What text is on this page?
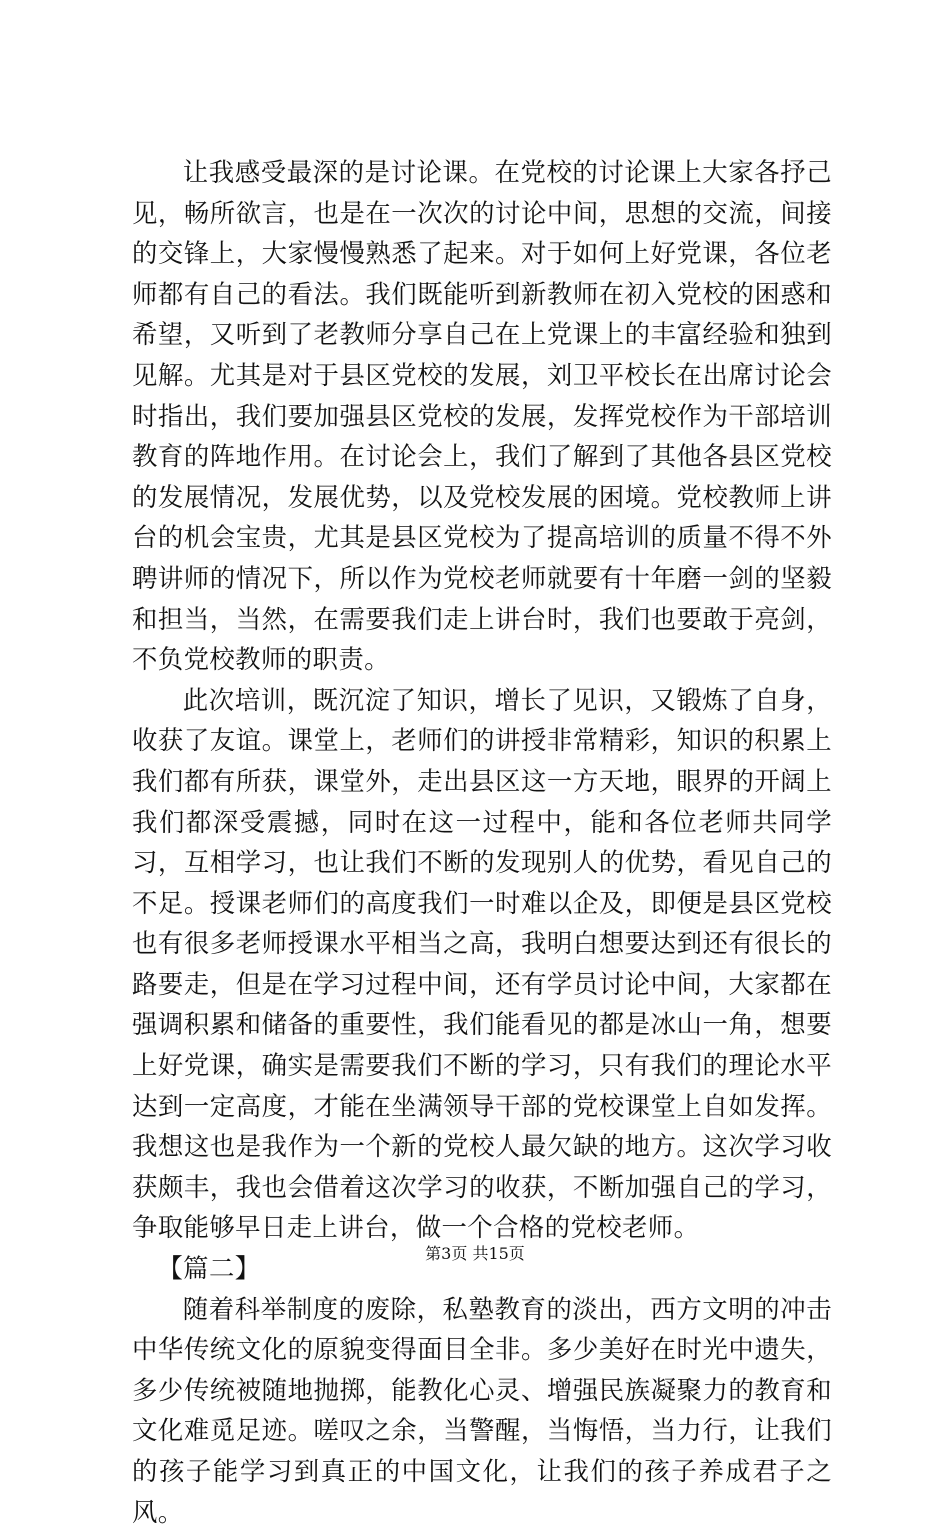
让我感受最深的是讨论课。在党校的讨论课上大家各抒己见，畅所欲言，也是在一次次的讨论中间，思想的交流，间接的交锋上，大家慢慢熟悉了起来。对于如何上好党课，各位老师都有自己的看法。我们既能听到新教师在初入党校的困惑和希望，又听到了老教师分享自己在上党课上的丰富经验和独到见解。尤其是对于县区党校的发展，刘卫平校长在出席讨论会时指出，我们要加强县区党校的发展，发挥党校作为干部培训教育的阵地作用。在讨论会上，我们了解到了其他各县区党校的发展情况，发展优势，以及党校发展的困境。党校教师上讲台的机会宝贵，尤其是县区党校为了提高培训的质量不得不外聘讲师的情况下，所以作为党校老师就要有十年磨一剑的坚毅和担当，当然，在需要我们走上讲台时，我们也要敢于亮剑，不负党校教师的职责。

此次培训，既沉淀了知识，增长了见识，又锻炼了自身，收获了友谊。课堂上，老师们的讲授非常精彩，知识的积累上我们都有所获，课堂外，走出县区这一方天地，眼界的开阔上我们都深受震撼，同时在这一过程中，能和各位老师共同学习，互相学习，也让我们不断的发现别人的优势，看见自己的不足。授课老师们的高度我们一时难以企及，即便是县区党校也有很多老师授课水平相当之高，我明白想要达到还有很长的路要走，但是在学习过程中间，还有学员讨论中间，大家都在强调积累和储备的重要性，我们能看见的都是冰山一角，想要上好党课，确实是需要我们不断的学习，只有我们的理论水平达到一定高度，才能在坐满领导干部的党校课堂上自如发挥。我想这也是我作为一个新的党校人最欠缺的地方。这次学习收获颇丰，我也会借着这次学习的收获，不断加强自己的学习，争取能够早日走上讲台，做一个合格的党校老师。

【篇二】

随着科举制度的废除，私塾教育的淡出，西方文明的冲击中华传统文化的原貌变得面目全非。多少美好在时光中遗失，多少传统被随地抛掷，能教化心灵、增强民族凝聚力的教育和文化难觅足迹。嗟叹之余，当警醒，当悔悟，当力行，让我们的孩子能学习到真正的中国文化，让我们的孩子养成君子之风。

第3页 共15页
